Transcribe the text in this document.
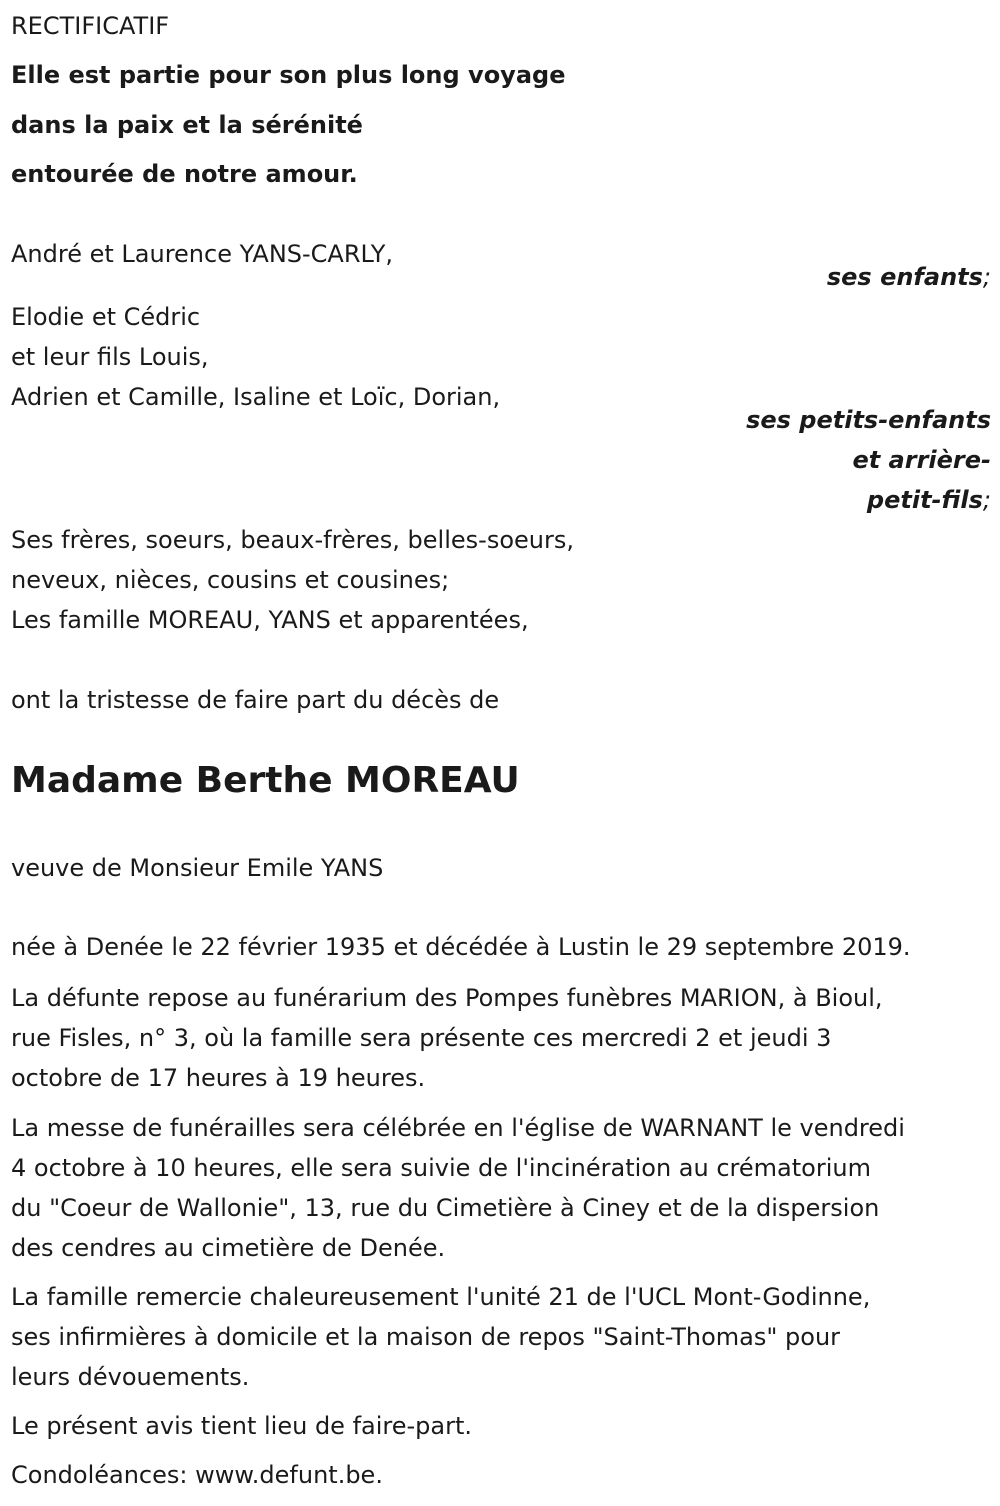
RECTIFICATIF
Elle est partie pour son plus long voyage
dans la paix et la sérénité
entourée de notre amour.
André et Laurence YANS-CARLY,
ses enfants;
Elodie et Cédric
et leur fils Louis,
Adrien et Camille, Isaline et Loïc, Dorian,
ses petits-enfants
et arrière-
petit-fils;
Ses frères, soeurs, beaux-frères, belles-soeurs,
neveux, nièces, cousins et cousines;
Les famille MOREAU, YANS et apparentées,
ont la tristesse de faire part du décès de
Madame Berthe MOREAU
veuve de Monsieur Emile YANS
née à Denée le 22 février 1935 et décédée à Lustin le 29 septembre 2019.
La défunte repose au funérarium des Pompes funèbres MARION, à Bioul,
rue Fisles, n° 3, où la famille sera présente ces mercredi 2 et jeudi 3
octobre de 17 heures à 19 heures.
La messe de funérailles sera célébrée en l'église de WARNANT le vendredi
4 octobre à 10 heures, elle sera suivie de l'incinération au crématorium
du "Coeur de Wallonie", 13, rue du Cimetière à Ciney et de la dispersion
des cendres au cimetière de Denée.
La famille remercie chaleureusement l'unité 21 de l'UCL Mont-Godinne,
ses infirmières à domicile et la maison de repos "Saint-Thomas" pour
leurs dévouements.
Le présent avis tient lieu de faire-part.
Condoléances: www.defunt.be.
